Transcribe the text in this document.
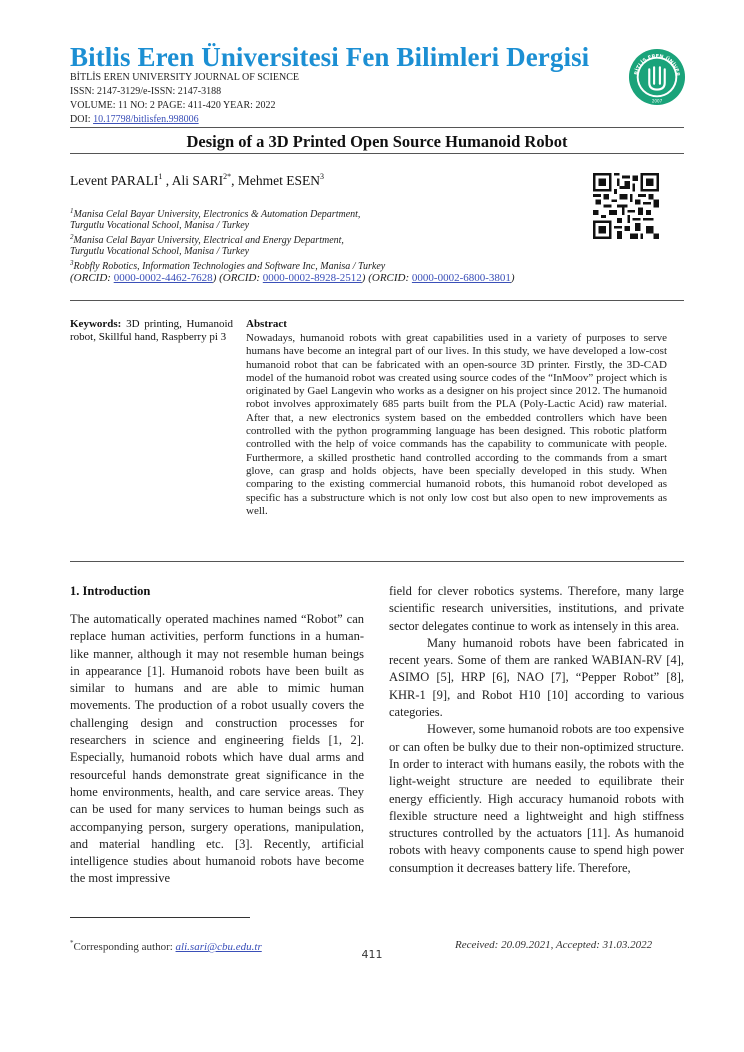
Bitlis Eren Üniversitesi Fen Bilimleri Dergisi
BİTLİS EREN UNIVERSITY JOURNAL OF SCIENCE
ISSN: 2147-3129/e-ISSN: 2147-3188
VOLUME: 11 NO: 2 PAGE: 411-420 YEAR: 2022
DOI: 10.17798/bitlisfen.998006
BİTLİS EREN ÜNİVER
2007
Design of a 3D Printed Open Source Humanoid Robot
Levent PARALI$^1$ , Ali $SARI^{2*}$, Mehmet ESEN$^3$
$^1$Manisa Celal Bayar University, Electronics & Automation Department,
Turgutlu Vocational School, Manisa / Turkey
$^2$Manisa Celal Bayar University, Electrical and Energy Department,
Turgutlu Vocational School, Manisa / Turkey
$^3$Robfly Robotics, Information Technologies and Software Inc, Manisa / Turkey
(ORCID: 0000-0002-4462-7628) (ORCID: 0000-0002-8928-2512) (ORCID: 0000-0002-6800-3801)
Keywords: 3D printing, Humanoid robot, Skillful hand, Raspberry pi 3
Abstract
Nowadays, humanoid robots with great capabilities used in a variety of purposes to serve humans have become an integral part of our lives. In this study, we have developed a low-cost humanoid robot that can be fabricated with an open-source 3D printer. Firstly, the 3D-CAD model of the humanoid robot was created using source codes of the “InMoov” project which is originated by Gael Langevin who works as a designer on his project since 2012. The humanoid robot involves approximately 685 parts built from the PLA (Poly-Lactic Acid) raw material. After that, a new electronics system based on the embedded controllers which have been controlled with the python programming language has been designed. This robotic platform controlled with the help of voice commands has the capability to communicate with people. Furthermore, a skilled prosthetic hand controlled according to the commands from a smart glove, can grasp and holds objects, have been specially developed in this study. When comparing to the existing commercial humanoid robots, this humanoid robot developed as specific has a substructure which is not only low cost but also open to new improvements as well.
1. Introduction
The automatically operated machines named “Robot” can replace human activities, perform functions in a human-like manner, although it may not resemble human beings in appearance [1]. Humanoid robots have been built as similar to humans and are able to mimic human movements. The production of a robot usually covers the challenging design and construction processes for researchers in science and engineering fields [1, 2]. Especially, humanoid robots which have dual arms and resourceful hands demonstrate great significance in the home environments, health, and care service areas. They can be used for many services to human beings such as accompanying person, surgery operations, manipulation, and material handling etc. [3]. Recently, artificial intelligence studies about humanoid robots have become the most impressive

field for clever robotics systems. Therefore, many large scientific research universities, institutions, and private sector delegates continue to work as intensely in this area.

Many humanoid robots have been fabricated in recent years. Some of them are ranked WABIAN-RV [4], ASIMO [5], HRP [6], NAO [7], “Pepper Robot” [8], KHR-1 [9], and Robot H10 [10] according to various categories.

However, some humanoid robots are too expensive or can often be bulky due to their non-optimized structure. In order to interact with humans easily, the robots with the light-weight structure are needed to equilibrate their energy efficiently. High accuracy humanoid robots with flexible structure need a lightweight and high stiffness structures controlled by the actuators [11]. As humanoid robots with heavy components cause to spend high power consumption it decreases battery life. Therefore,

*Corresponding author: ali.sari@cbu.edu.tr	Received: 20.09.2021, Accepted: 31.03.2022
411
